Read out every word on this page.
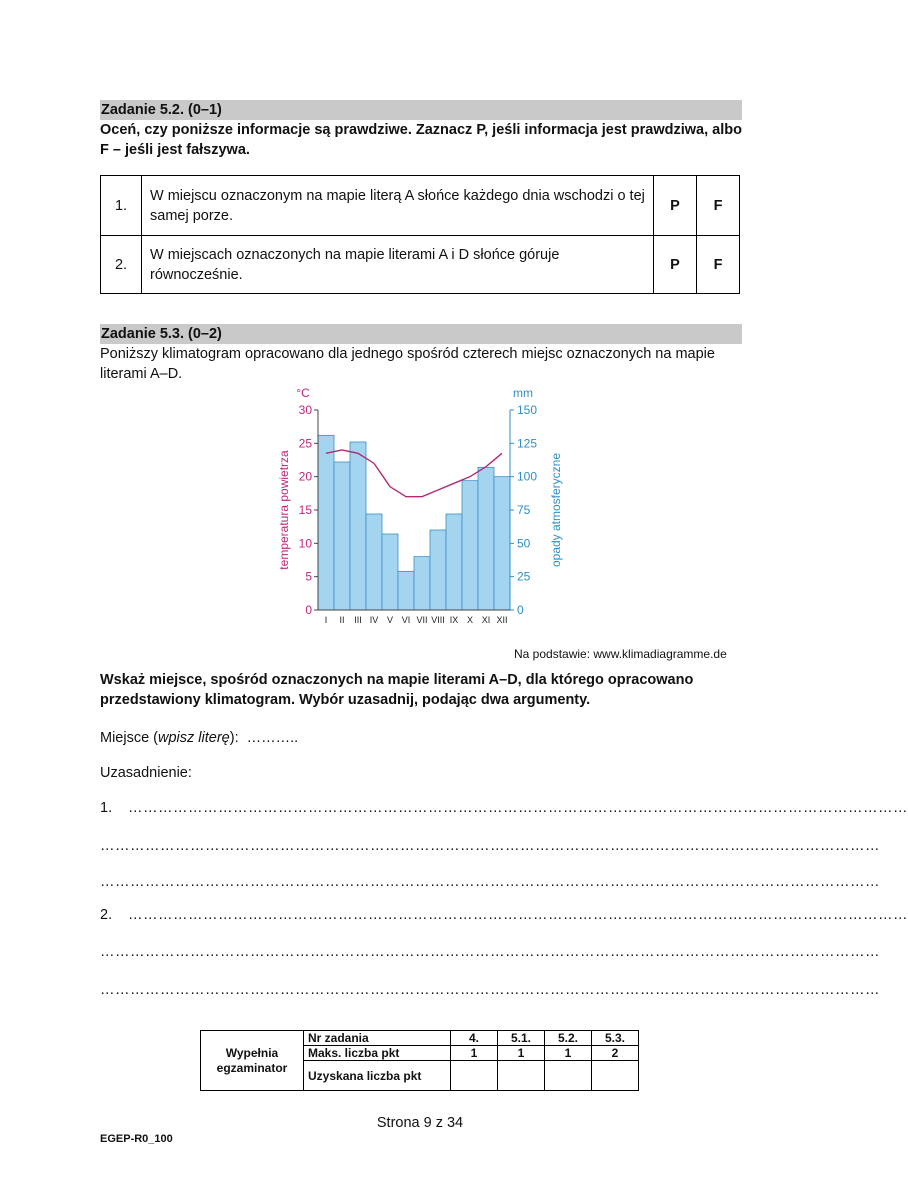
Zadanie 5.2. (0–1)
Oceń, czy poniższe informacje są prawdziwe. Zaznacz P, jeśli informacja jest prawdziwa, albo F – jeśli jest fałszywa.
1.	W miejscu oznaczonym na mapie literą A słońce każdego dnia wschodzi o tej samej porze.	P	F
2.	W miejscach oznaczonych na mapie literami A i D słońce góruje równocześnie.	P	F
Zadanie 5.3. (0–2)
Poniższy klimatogram opracowano dla jednego spośród czterech miejsc oznaczonych na mapie literami A–D.
°C	mm
temperatura powietrza	opady atmosferyczne
0
5
10
15
20
25
30
0
25
50
75
100
125
150
I II III IV V VI VII VIII IX X XI XII
Na podstawie: www.klimadiagramme.de
Wskaż miejsce, spośród oznaczonych na mapie literami A–D, dla którego opracowano przedstawiony klimatogram. Wybór uzasadnij, podając dwa argumenty.
Miejsce (wpisz literę): ………..
Uzasadnienie:
1. …………………………………………………………………………………………………………………………………………
…………………………………………………………………………………………………………………………………………
…………………………………………………………………………………………………………………………………………
2. …………………………………………………………………………………………………………………………………………
…………………………………………………………………………………………………………………………………………
…………………………………………………………………………………………………………………………………………
Wypełnia
egzaminator	Nr zadania	4.	5.1.	5.2.	5.3.
	Maks. liczba pkt	1	1	1	2
	Uzyskana liczba pkt				
Strona 9 z 34
EGEP-R0_100
